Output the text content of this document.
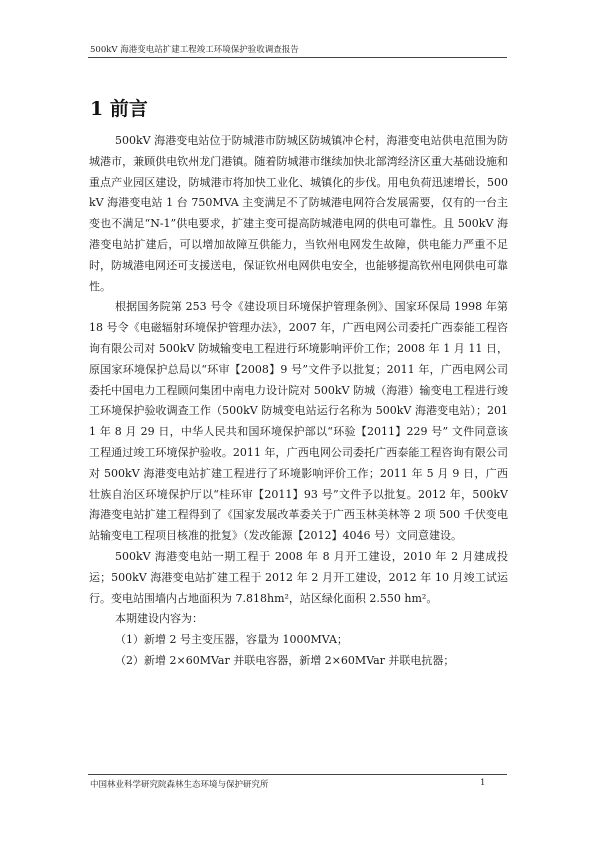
500kV 海港变电站扩建工程竣工环境保护验收调查报告
1 前言

500kV 海港变电站位于防城港市防城区防城镇冲仑村，海港变电站供电范围为防城港市，兼顾供电钦州龙门港镇。随着防城港市继续加快北部湾经济区重大基础设施和重点产业园区建设，防城港市将加快工业化、城镇化的步伐。用电负荷迅速增长，500kV 海港变电站 1 台 750MVA 主变满足不了防城港电网符合发展需要，仅有的一台主变也不满足“N-1”供电要求，扩建主变可提高防城港电网的供电可靠性。且 500kV 海港变电站扩建后，可以增加故障互供能力，当钦州电网发生故障，供电能力严重不足时，防城港电网还可支援送电，保证钦州电网供电安全，也能够提高钦州电网供电可靠性。

根据国务院第 253 号令《建设项目环境保护管理条例》、国家环保局 1998 年第 18 号令《电磁辐射环境保护管理办法》，2007 年，广西电网公司委托广西泰能工程咨询有限公司对 500kV 防城输变电工程进行环境影响评价工作；2008 年 1 月 11 日，原国家环境保护总局以“环审【2008】9 号”文件予以批复；2011 年，广西电网公司委托中国电力工程顾问集团中南电力设计院对 500kV 防城（海港）输变电工程进行竣工环境保护验收调查工作（500kV 防城变电站运行名称为 500kV 海港变电站）；2011 年 8 月 29 日，中华人民共和国环境保护部以“环验【2011】229 号” 文件同意该工程通过竣工环境保护验收。2011 年，广西电网公司委托广西泰能工程咨询有限公司对 500kV 海港变电站扩建工程进行了环境影响评价工作；2011 年 5 月 9 日，广西壮族自治区环境保护厅以“桂环审【2011】93 号”文件予以批复。2012 年，500kV 海港变电站扩建工程得到了《国家发展改革委关于广西玉林美林等 2 项 500 千伏变电站输变电工程项目核准的批复》（发改能源【2012】4046 号）文同意建设。

500kV 海港变电站一期工程于 2008 年 8 月开工建设，2010 年 2 月建成投运；500kV 海港变电站扩建工程于 2012 年 2 月开工建设，2012 年 10 月竣工试运行。变电站围墙内占地面积为 7.818hm²，站区绿化面积 2.550 hm²。

本期建设内容为：

（1）新增 2 号主变压器，容量为 1000MVA；

（2）新增 2×60MVar 并联电容器，新增 2×60MVar 并联电抗器；

中国林业科学研究院森林生态环境与保护研究所	1
